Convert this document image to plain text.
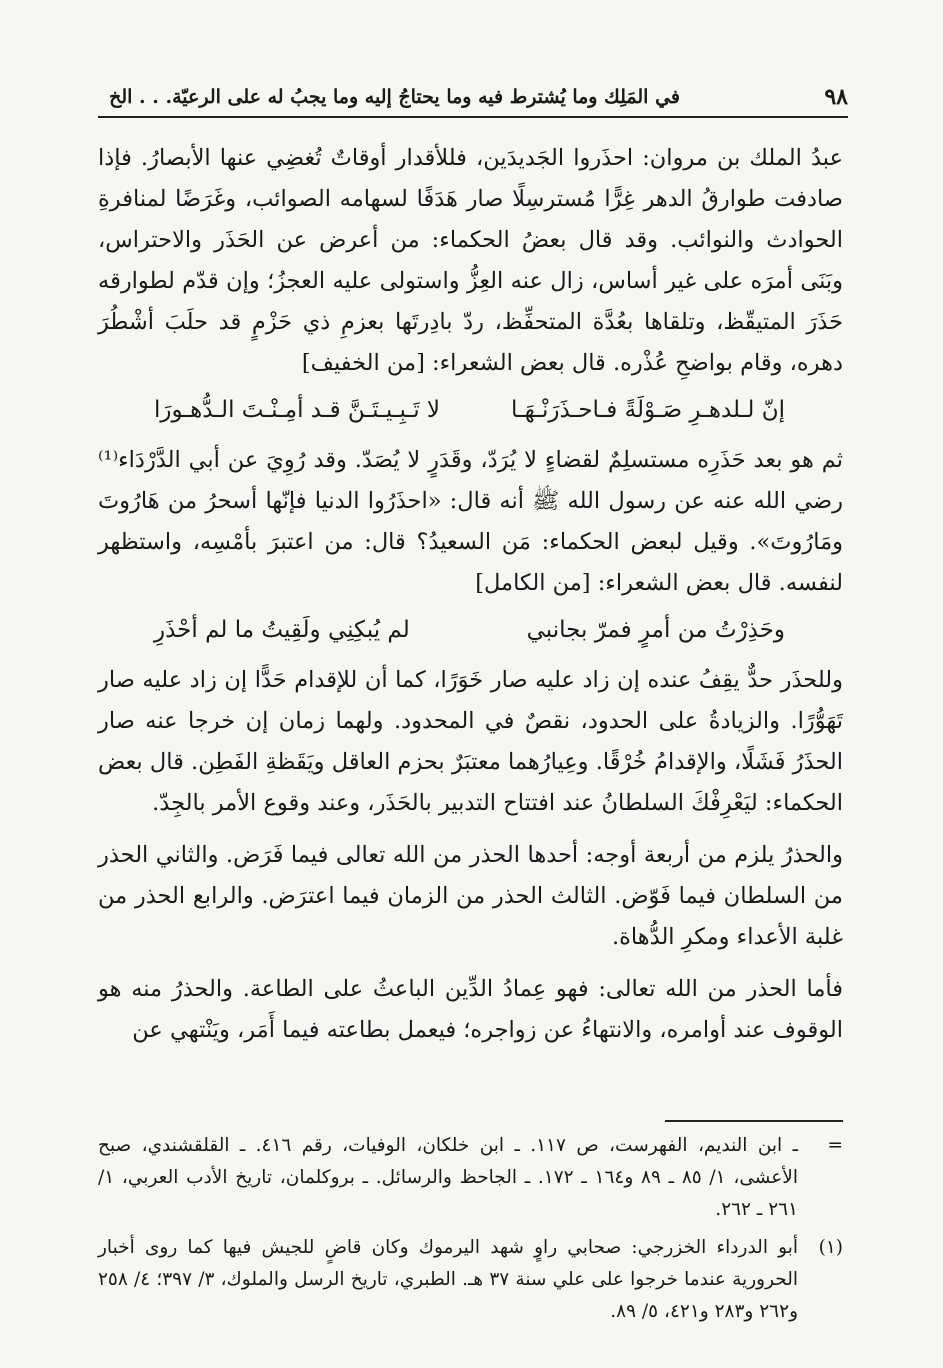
٩٨
في المَلِك وما يُشترط فيه وما يحتاجُ إليه وما يجبُ له على الرعيّة. . . الخ

عبدُ الملك بن مروان: احذَروا الجَديدَين، فللأقدار أوقاتٌ تُغضِي عنها الأبصارُ. فإذا صادفت طوارقُ الدهر غِرًّا مُسترسِلًا صار هَدَفًا لسهامه الصوائب، وغَرَضًا لمنافرةِ الحوادث والنوائب. وقد قال بعضُ الحكماء: من أعرض عن الحَذَر والاحتراس، وبَنَى أمرَه على غير أساس، زال عنه العِزُّ واستولى عليه العجزُ؛ وإن قدّم لطوارقه حَذَرَ المتيقّظ، وتلقاها بعُدَّة المتحفِّظ، ردّ بادِرتَها بعزمِ ذي حَزْمٍ قد حلَبَ أشْطُرَ دهره، وقام بواضحِ عُذْره. قال بعض الشعراء: [من الخفيف]

إنّ لـلدهـرِ صَـوْلَةً فـاحـذَرَنْـهَـا
لا تَـبِـيـتَـنَّ قـد أمِـنْـتَ الـدُّهـورَا

ثم هو بعد حَذَرِه مستسلِمٌ لقضاءٍ لا يُرَدّ، وقَدَرٍ لا يُصَدّ. وقد رُوِيَ عن أبي الدَّرْدَاء⁽¹⁾ رضي الله عنه عن رسول الله ﷺ أنه قال: «احذَرُوا الدنيا فإنّها أسحرُ من هَارُوتَ ومَارُوتَ». وقيل لبعض الحكماء: مَن السعيدُ؟ قال: من اعتبرَ بأمْسِه، واستظهر لنفسه. قال بعض الشعراء: [من الكامل]

وحَذِرْتُ من أمرٍ فمرّ بجانبي
لم يُبكِنِي ولَقِيتُ ما لم أحْذَرِ

وللحذَر حدٌّ يقِفُ عنده إن زاد عليه صار خَوَرًا، كما أن للإقدام حَدًّا إن زاد عليه صار تَهَوُّرًا. والزيادةُ على الحدود، نقصٌ في المحدود. ولهما زمان إن خرجا عنه صار الحذَرُ فَشَلًا، والإقدامُ خُرْقًا. وعِيارُهما معتبَرٌ بحزم العاقل ويَقَظةِ الفَطِن. قال بعض الحكماء: ليَعْرِفْكَ السلطانُ عند افتتاح التدبير بالحَذَر، وعند وقوع الأمر بالجِدّ.

والحذرُ يلزم من أربعة أوجه: أحدها الحذر من الله تعالى فيما فَرَض. والثاني الحذر من السلطان فيما فَوّض. الثالث الحذر من الزمان فيما اعترَض. والرابع الحذر من غلبة الأعداء ومكرِ الدُّهاة.

فأما الحذر من الله تعالى: فهو عِمادُ الدِّين الباعثُ على الطاعة. والحذرُ منه هو الوقوف عند أوامره، والانتهاءُ عن زواجره؛ فيعمل بطاعته فيما أَمَر، ويَنْتهي عن

=
ـ ابن النديم، الفهرست، ص ١١٧. ـ ابن خلكان، الوفيات، رقم ٤١٦. ـ القلقشندي، صبح الأعشى، ١/ ٨٥ ـ ٨٩ و١٦٤ ـ ١٧٢. ـ الجاحظ والرسائل. ـ بروكلمان، تاريخ الأدب العربي، ١/ ٢٦١ ـ ٢٦٢.
(١)
أبو الدرداء الخزرجي: صحابي راوٍ شهد اليرموك وكان قاضٍ للجيش فيها كما روى أخبار الحرورية عندما خرجوا على علي سنة ٣٧ هـ. الطبري، تاريخ الرسل والملوك، ٣/ ٣٩٧؛ ٤/ ٢٥٨ و٢٦٢ و٢٨٣ و٤٢١، ٥/ ٨٩.
